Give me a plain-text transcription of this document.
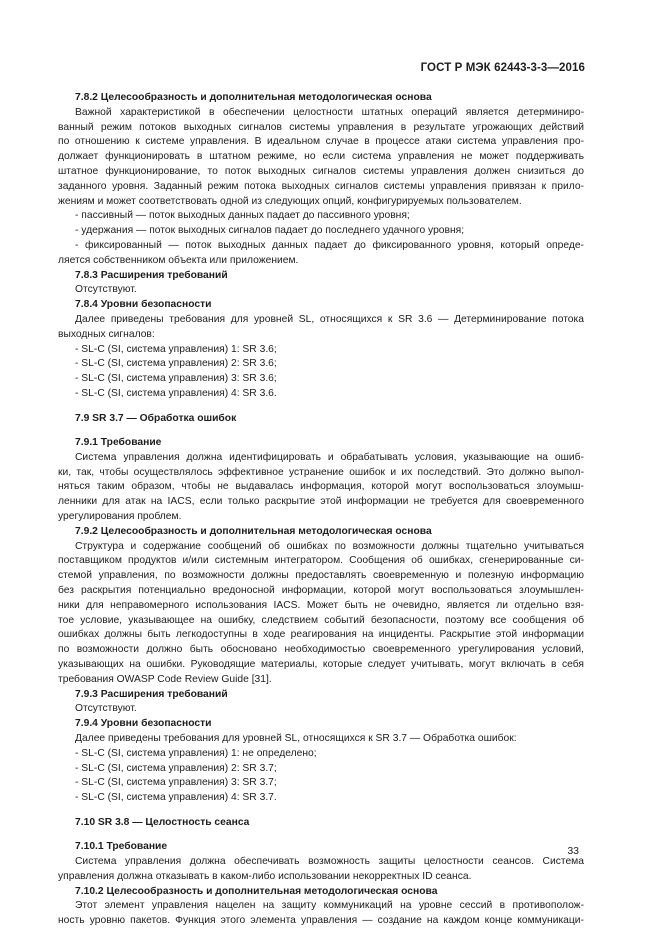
ГОСТ Р МЭК 62443-3-3—2016

7.8.2 Целесообразность и дополнительная методологическая основа

Важной характеристикой в обеспечении целостности штатных операций является детерминиро-

ванный режим потоков выходных сигналов системы управления в результате угрожающих действий

по отношению к системе управления. В идеальном случае в процессе атаки система управления про-

должает функционировать в штатном режиме, но если система управления не может поддерживать

штатное функционирование, то поток выходных сигналов системы управления должен снизиться до

заданного уровня. Заданный режим потока выходных сигналов системы управления привязан к прило-

жениям и может соответствовать одной из следующих опций, конфигурируемых пользователем.

- пассивный — поток выходных данных падает до пассивного уровня;

- удержания — поток выходных сигналов падает до последнего удачного уровня;

- фиксированный — поток выходных данных падает до фиксированного уровня, который опреде-

ляется собственником объекта или приложением.

7.8.3 Расширения требований

Отсутствуют.

7.8.4 Уровни безопасности

Далее приведены требования для уровней SL, относящихся к SR 3.6 — Детерминирование потока

выходных сигналов:

- SL-C (SI, система управления) 1: SR 3.6;

- SL-C (SI, система управления) 2: SR 3.6;

- SL-C (SI, система управления) 3: SR 3.6;

- SL-C (SI, система управления) 4: SR 3.6.

7.9 SR 3.7 — Обработка ошибок

7.9.1 Требование

Система управления должна идентифицировать и обрабатывать условия, указывающие на ошиб-

ки, так, чтобы осуществлялось эффективное устранение ошибок и их последствий. Это должно выпол-

няться таким образом, чтобы не выдавалась информация, которой могут воспользоваться злоумыш-

ленники для атак на IACS, если только раскрытие этой информации не требуется для своевременного

урегулирования проблем.

7.9.2 Целесообразность и дополнительная методологическая основа

Структура и содержание сообщений об ошибках по возможности должны тщательно учитываться

поставщиком продуктов и/или системным интегратором. Сообщения об ошибках, сгенерированные си-

стемой управления, по возможности должны предоставлять своевременную и полезную информацию

без раскрытия потенциально вредоносной информации, которой могут воспользоваться злоумышлен-

ники для неправомерного использования IACS. Может быть не очевидно, является ли отдельно взя-

тое условие, указывающее на ошибку, следствием событий безопасности, поэтому все сообщения об

ошибках должны быть легкодоступны в ходе реагирования на инциденты. Раскрытие этой информации

по возможности должно быть обосновано необходимостью своевременного урегулирования условий,

указывающих на ошибки. Руководящие материалы, которые следует учитывать, могут включать в себя

требования OWASP Code Review Guide [31].

7.9.3 Расширения требований

Отсутствуют.

7.9.4 Уровни безопасности

Далее приведены требования для уровней SL, относящихся к SR 3.7 — Обработка ошибок:

- SL-C (SI, система управления) 1: не определено;

- SL-C (SI, система управления) 2: SR 3.7;

- SL-C (SI, система управления) 3: SR 3.7;

- SL-C (SI, система управления) 4: SR 3.7.

7.10 SR 3.8 — Целостность сеанса

7.10.1 Требование

Система управления должна обеспечивать возможность защиты целостности сеансов. Система

управления должна отказывать в каком-либо использовании некорректных ID сеанса.

7.10.2 Целесообразность и дополнительная методологическая основа

Этот элемент управления нацелен на защиту коммуникаций на уровне сессий в противополож-

ность уровню пакетов. Функция этого элемента управления — создание на каждом конце коммуникаци-

33
